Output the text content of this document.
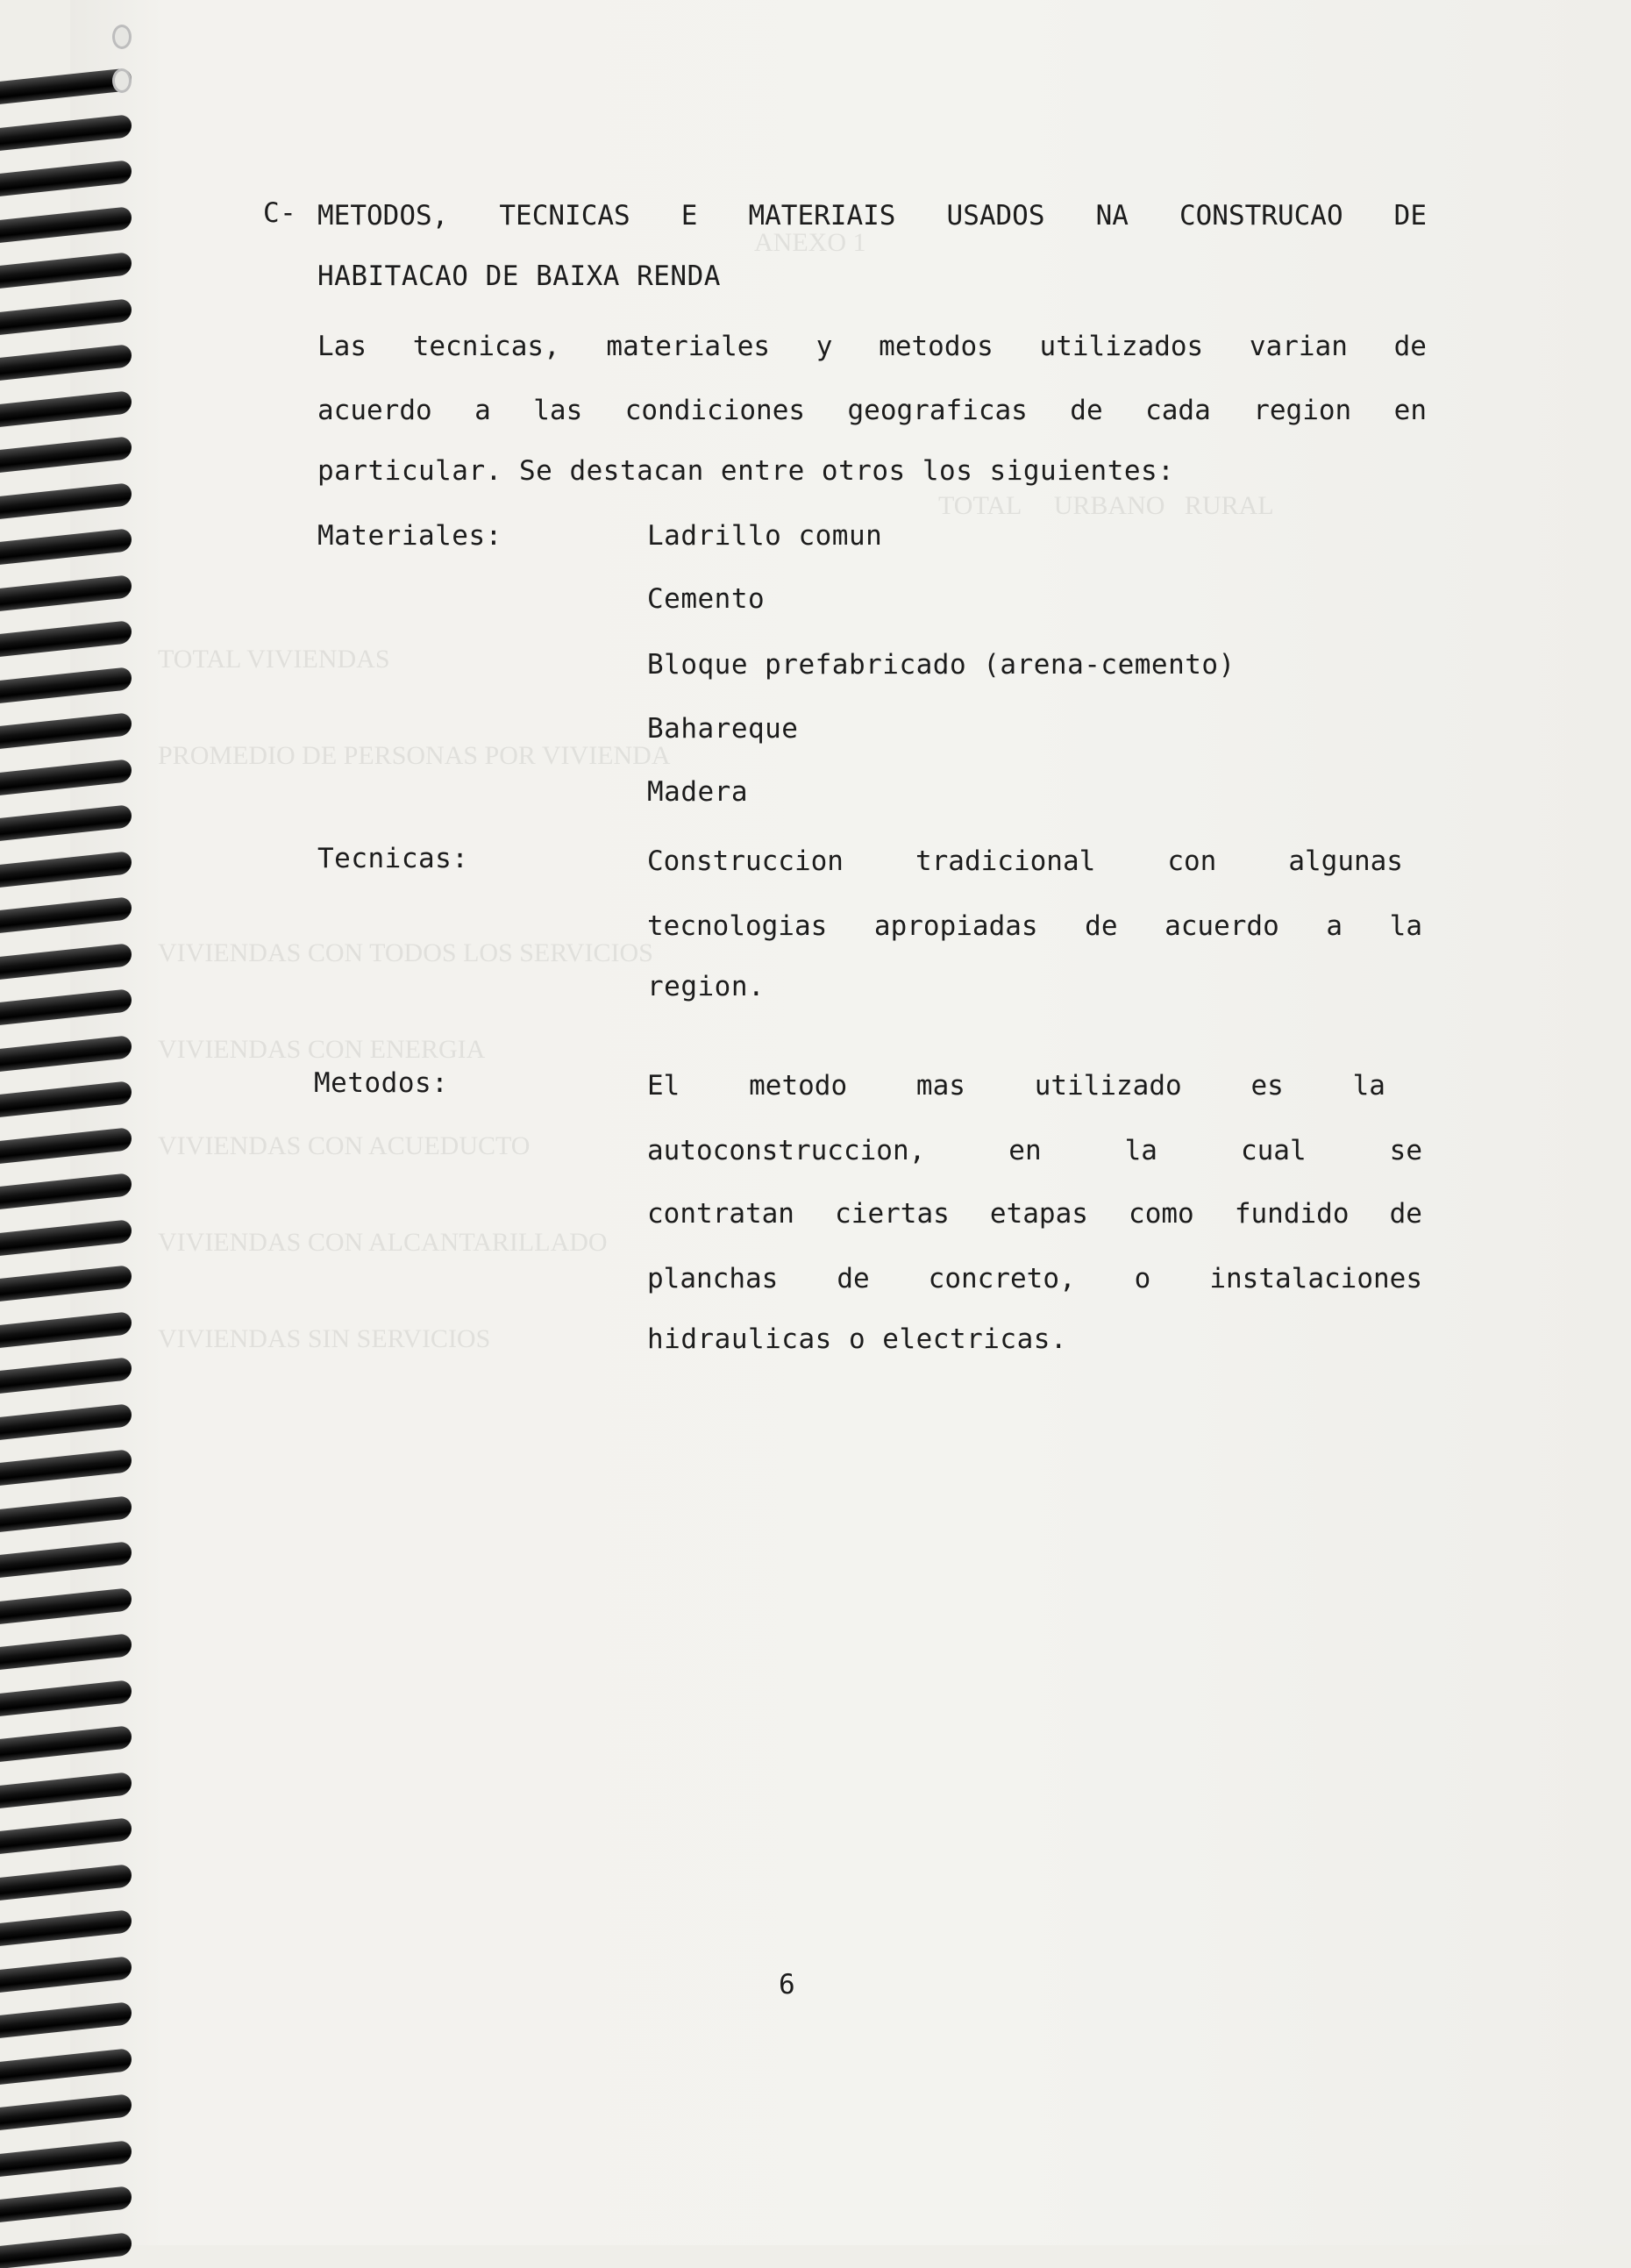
ANEXO 1
TOTAL     URBANO   RURAL
TOTAL VIVIENDAS
PROMEDIO DE PERSONAS POR VIVIENDA
VIVIENDAS CON TODOS LOS SERVICIOS
VIVIENDAS CON ENERGIA
VIVIENDAS CON ACUEDUCTO
VIVIENDAS CON ALCANTARILLADO
VIVIENDAS SIN SERVICIOS
C- METODOS, TECNICAS E MATERIAIS USADOS NA CONSTRUCAO DE
HABITACAO DE BAIXA RENDA
Las tecnicas, materiales y metodos utilizados varian de
acuerdo a las condiciones geograficas de cada region en
particular. Se destacan entre otros los siguientes:
Materiales:	Ladrillo comun
Cemento
Bloque prefabricado (arena-cemento)
Bahareque
Madera
Tecnicas:	Construccion	tradicional	con	algunas
tecnologias apropiadas de acuerdo a la
region.
Metodos:	El	metodo	mas	utilizado	es	la
autoconstruccion,	en	la	cual	se
contratan ciertas etapas como fundido de
planchas de concreto, o instalaciones
hidraulicas o electricas.
6
